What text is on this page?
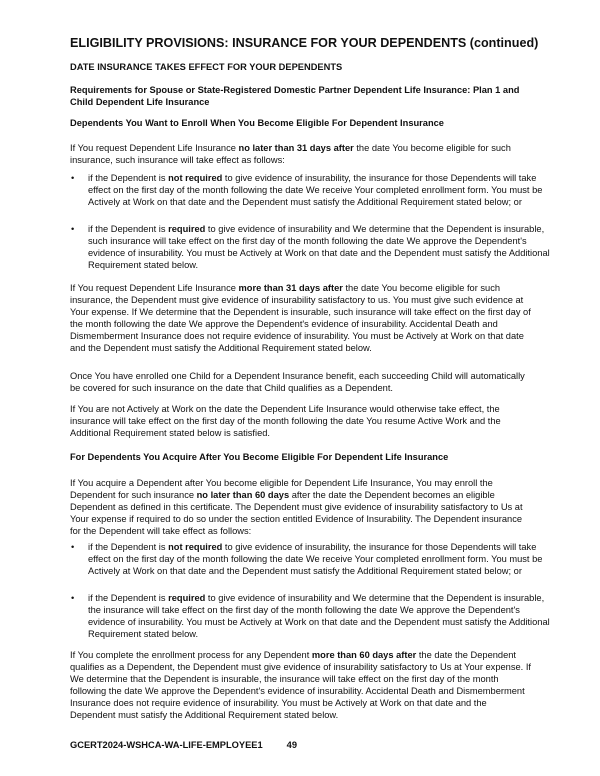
ELIGIBILITY PROVISIONS: INSURANCE FOR YOUR DEPENDENTS (continued)
DATE INSURANCE TAKES EFFECT FOR YOUR DEPENDENTS
Requirements for Spouse or State-Registered Domestic Partner Dependent Life Insurance: Plan 1 and Child Dependent Life Insurance
Dependents You Want to Enroll When You Become Eligible For Dependent Insurance
If You request Dependent Life Insurance no later than 31 days after the date You become eligible for such insurance, such insurance will take effect as follows:
• if the Dependent is not required to give evidence of insurability, the insurance for those Dependents will take effect on the first day of the month following the date We receive Your completed enrollment form. You must be Actively at Work on that date and the Dependent must satisfy the Additional Requirement stated below; or
• if the Dependent is required to give evidence of insurability and We determine that the Dependent is insurable, such insurance will take effect on the first day of the month following the date We approve the Dependent's evidence of insurability. You must be Actively at Work on that date and the Dependent must satisfy the Additional Requirement stated below.
If You request Dependent Life Insurance more than 31 days after the date You become eligible for such insurance, the Dependent must give evidence of insurability satisfactory to us. You must give such evidence at Your expense. If We determine that the Dependent is insurable, such insurance will take effect on the first day of the month following the date We approve the Dependent's evidence of insurability. Accidental Death and Dismemberment Insurance does not require evidence of insurability. You must be Actively at Work on that date and the Dependent must satisfy the Additional Requirement stated below.
Once You have enrolled one Child for a Dependent Insurance benefit, each succeeding Child will automatically be covered for such insurance on the date that Child qualifies as a Dependent.
If You are not Actively at Work on the date the Dependent Life Insurance would otherwise take effect, the insurance will take effect on the first day of the month following the date You resume Active Work and the Additional Requirement stated below is satisfied.
For Dependents You Acquire After You Become Eligible For Dependent Life Insurance
If You acquire a Dependent after You become eligible for Dependent Life Insurance, You may enroll the Dependent for such insurance no later than 60 days after the date the Dependent becomes an eligible Dependent as defined in this certificate. The Dependent must give evidence of insurability satisfactory to Us at Your expense if required to do so under the section entitled Evidence of Insurability. The Dependent insurance for the Dependent will take effect as follows:
• if the Dependent is not required to give evidence of insurability, the insurance for those Dependents will take effect on the first day of the month following the date We receive Your completed enrollment form. You must be Actively at Work on that date and the Dependent must satisfy the Additional Requirement stated below; or
• if the Dependent is required to give evidence of insurability and We determine that the Dependent is insurable, the insurance will take effect on the first day of the month following the date We approve the Dependent's evidence of insurability. You must be Actively at Work on that date and the Dependent must satisfy the Additional Requirement stated below.
If You complete the enrollment process for any Dependent more than 60 days after the date the Dependent qualifies as a Dependent, the Dependent must give evidence of insurability satisfactory to Us at Your expense. If We determine that the Dependent is insurable, the insurance will take effect on the first day of the month following the date We approve the Dependent's evidence of insurability. Accidental Death and Dismemberment Insurance does not require evidence of insurability. You must be Actively at Work on that date and the Dependent must satisfy the Additional Requirement stated below.
GCERT2024-WSHCA-WA-LIFE-EMPLOYEE1	49
